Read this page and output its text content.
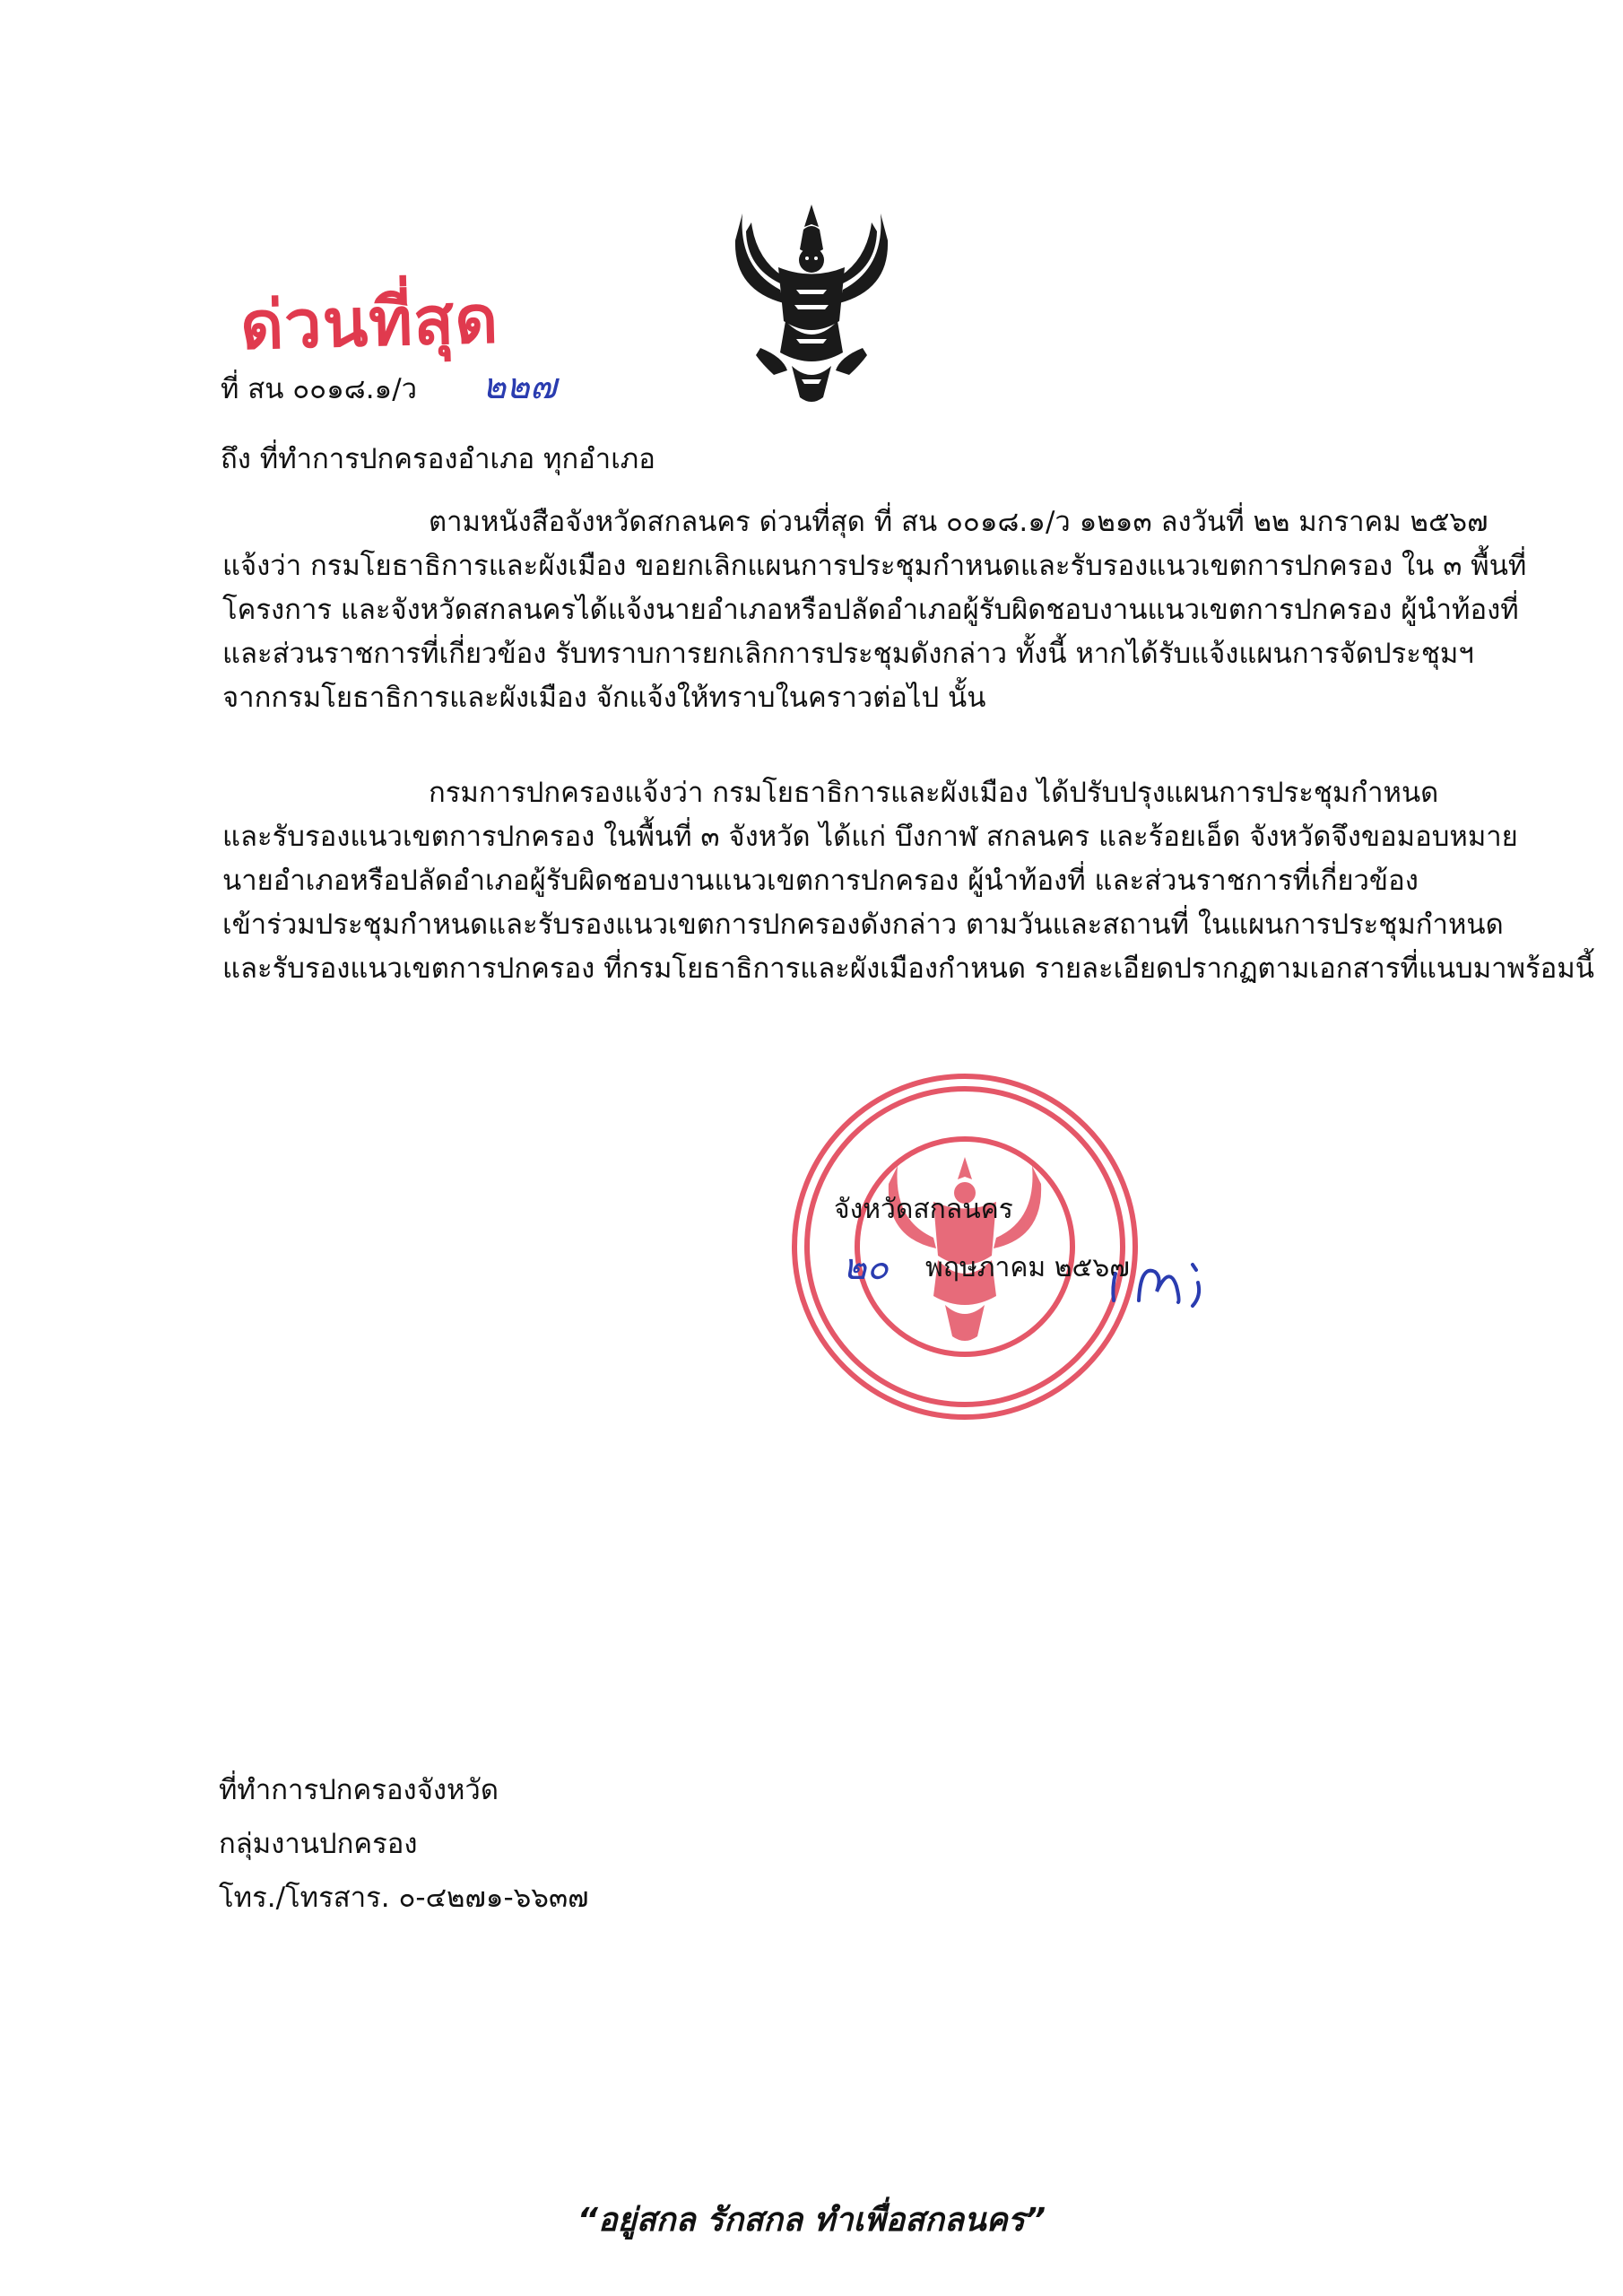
ด่วนที่สุด
ที่ สน ๐๐๑๘.๑/ว ๒๒๗
ถึง ที่ทำการปกครองอำเภอ ทุกอำเภอ
ตามหนังสือจังหวัดสกลนคร ด่วนที่สุด ที่ สน ๐๐๑๘.๑/ว ๑๒๑๓ ลงวันที่ ๒๒ มกราคม ๒๕๖๗
แจ้งว่า กรมโยธาธิการและผังเมือง ขอยกเลิกแผนการประชุมกำหนดและรับรองแนวเขตการปกครอง ใน ๓ พื้นที่
โครงการ และจังหวัดสกลนครได้แจ้งนายอำเภอหรือปลัดอำเภอผู้รับผิดชอบงานแนวเขตการปกครอง ผู้นำท้องที่
และส่วนราชการที่เกี่ยวข้อง รับทราบการยกเลิกการประชุมดังกล่าว ทั้งนี้ หากได้รับแจ้งแผนการจัดประชุมฯ
จากกรมโยธาธิการและผังเมือง จักแจ้งให้ทราบในคราวต่อไป นั้น
กรมการปกครองแจ้งว่า กรมโยธาธิการและผังเมือง ได้ปรับปรุงแผนการประชุมกำหนด
และรับรองแนวเขตการปกครอง ในพื้นที่ ๓ จังหวัด ได้แก่ บึงกาฬ สกลนคร และร้อยเอ็ด จังหวัดจึงขอมอบหมาย
นายอำเภอหรือปลัดอำเภอผู้รับผิดชอบงานแนวเขตการปกครอง ผู้นำท้องที่ และส่วนราชการที่เกี่ยวข้อง
เข้าร่วมประชุมกำหนดและรับรองแนวเขตการปกครองดังกล่าว ตามวันและสถานที่ ในแผนการประชุมกำหนด
และรับรองแนวเขตการปกครอง ที่กรมโยธาธิการและผังเมืองกำหนด รายละเอียดปรากฏตามเอกสารที่แนบมาพร้อมนี้
จังหวัดสกลนคร
๒๐ พฤษภาคม ๒๕๖๗
ที่ทำการปกครองจังหวัด
กลุ่มงานปกครอง
โทร./โทรสาร. ๐-๔๒๗๑-๖๖๓๗
“อยู่สกล รักสกล ทำเพื่อสกลนคร”
